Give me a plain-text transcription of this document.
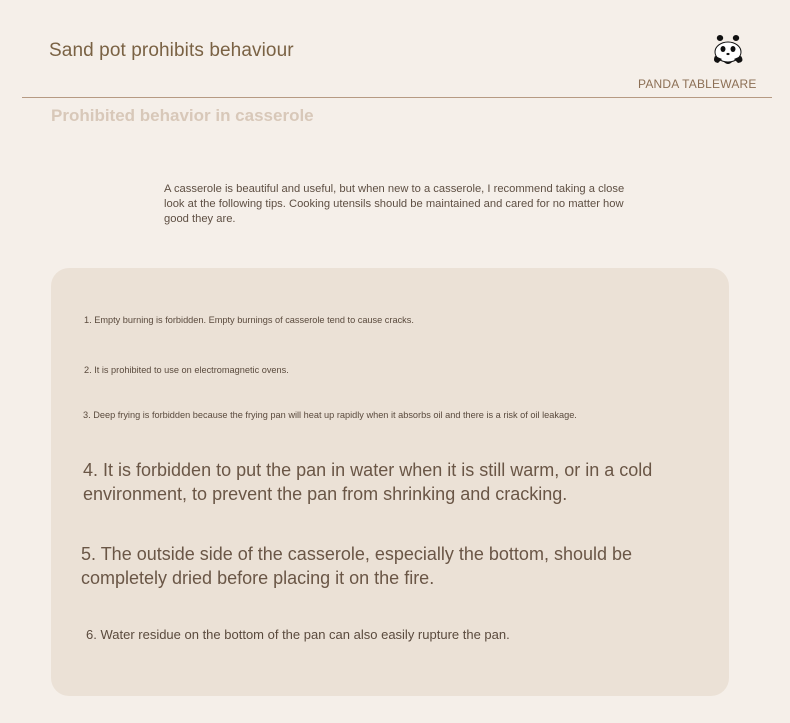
Sand pot prohibits behaviour
PANDA TABLEWARE
Prohibited behavior in casserole
A casserole is beautiful and useful, but when new to a casserole, I recommend taking a close look at the following tips. Cooking utensils should be maintained and cared for no matter how good they are.
1. Empty burning is forbidden. Empty burnings of casserole tend to cause cracks.
2. It is prohibited to use on electromagnetic ovens.
3. Deep frying is forbidden because the frying pan will heat up rapidly when it absorbs oil and there is a risk of oil leakage.
4. It is forbidden to put the pan in water when it is still warm, or in a cold environment, to prevent the pan from shrinking and cracking.
5. The outside side of the casserole, especially the bottom, should be completely dried before placing it on the fire.
6. Water residue on the bottom of the pan can also easily rupture the pan.
